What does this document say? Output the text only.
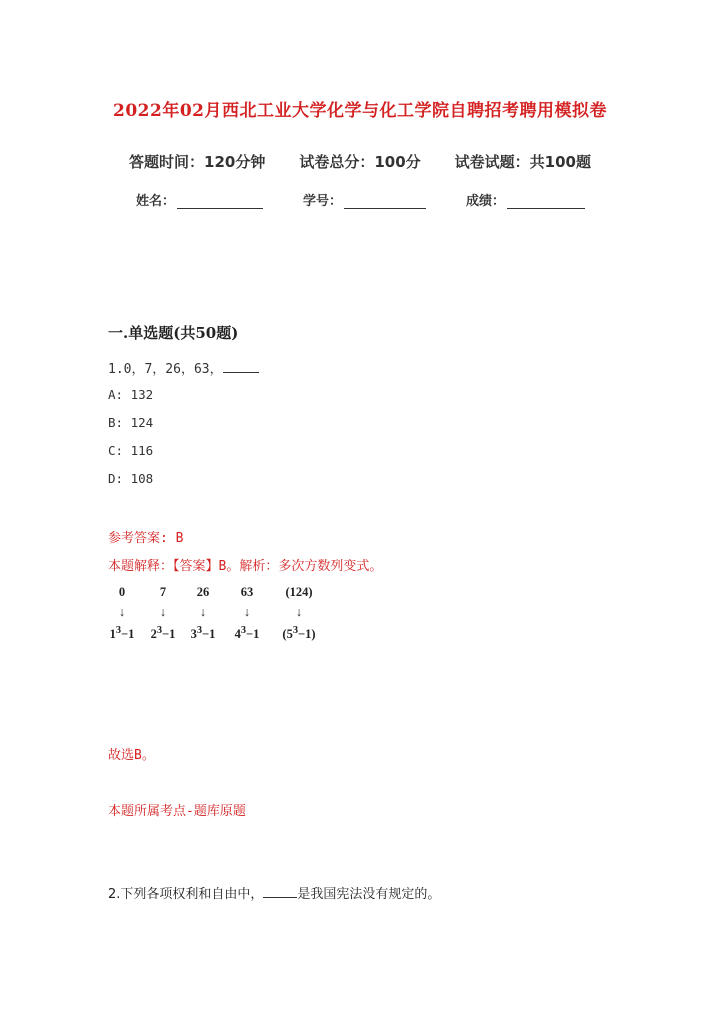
2022年02月西北工业大学化学与化工学院自聘招考聘用模拟卷
答题时间：120分钟 试卷总分：100分 试卷试题：共100题
姓名：	学号：	成绩：
一.单选题(共50题)
1.0，7，26，63，
A: 132
B: 124
C: 116
D: 108
参考答案: B
本题解释：【答案】B。解析：多次方数列变式。
0	7	26	63	(124)
↓	↓	↓	↓	↓
$1^3-1$	$2^3-1$	$3^3-1$	$4^3-1$	$(5^3-1)$
故选B。
本题所属考点-题库原题
2.下列各项权利和自由中，	是我国宪法没有规定的。
